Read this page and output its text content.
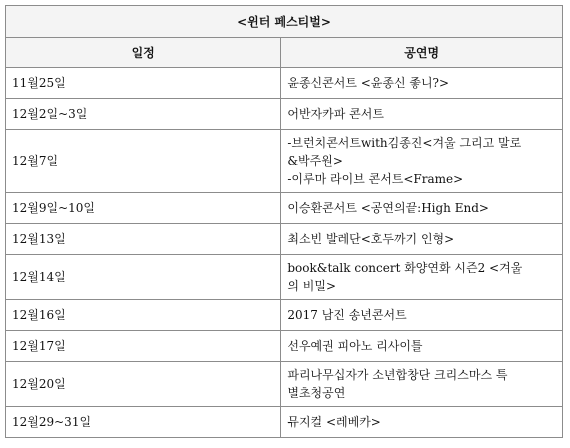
<윈터 페스티벌>	
일정	공연명
11월25일	윤종신콘서트 <윤종신 좋니?>
12월2일~3일	어반자카파 콘서트
12월7일	-브런치콘서트with김종진<겨울 그리고 말로
&박주원>
-이루마 라이브 콘서트<Frame>

12월9일~10일	이승환콘서트 <공연의끝:High End>
12월13일	최소빈 발레단<호두까기 인형>
12월14일	book&talk concert 화양연화 시즌2 <겨울
의 비밀>

12월16일	2017 남진 송년콘서트
12월17일	선우예권 피아노 리사이틀
12월20일	파리나무십자가 소년합창단 크리스마스 특
별초청공연

12월29~31일	뮤지컬 <레베카>
